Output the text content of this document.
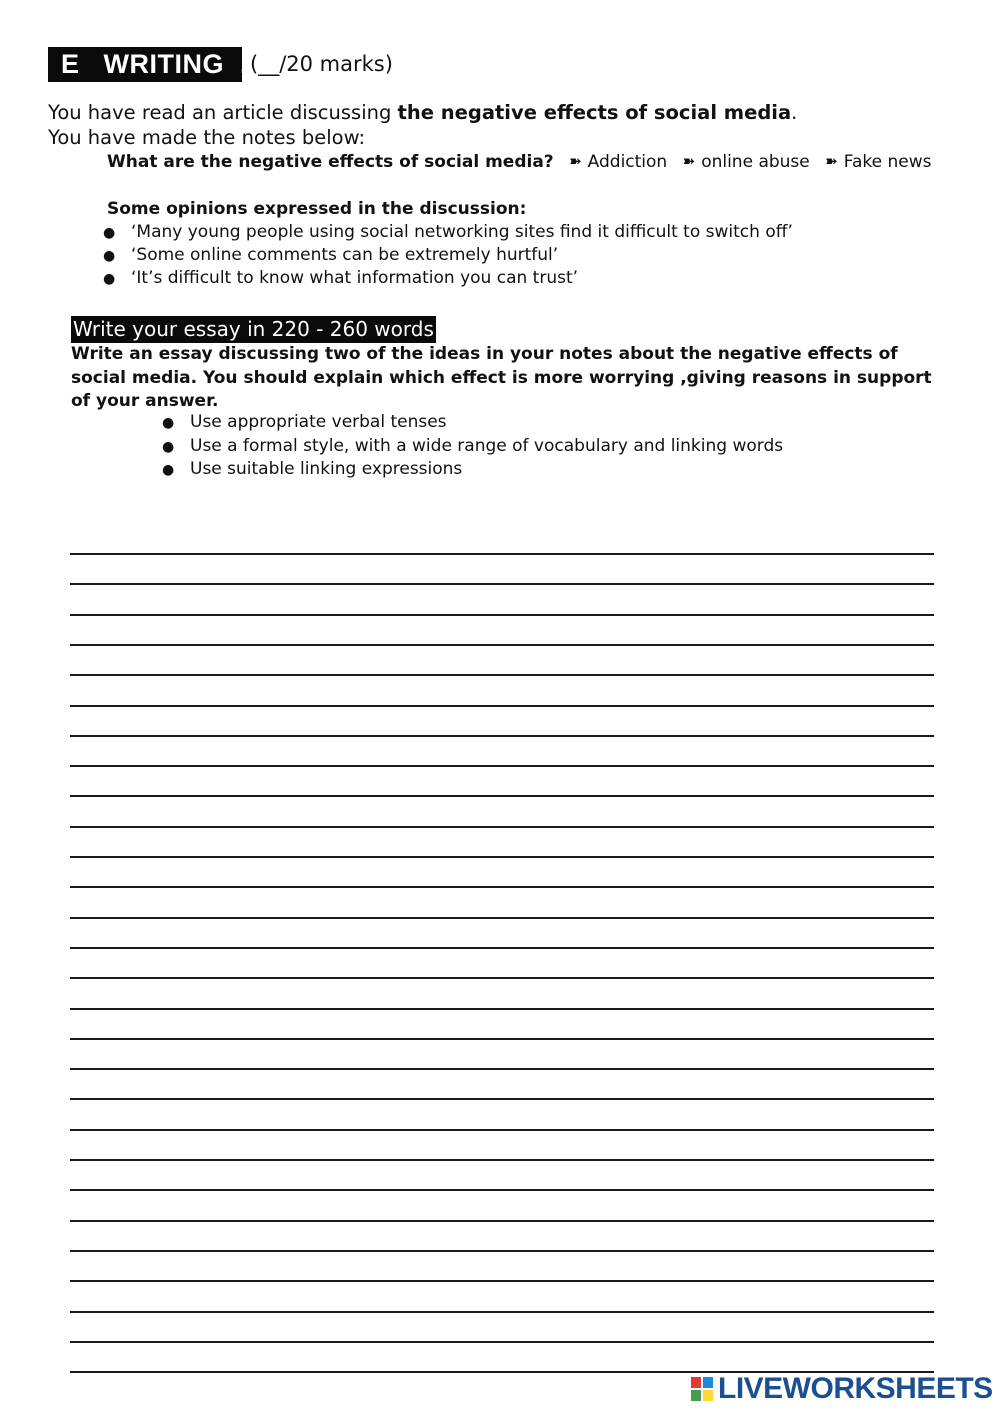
E   WRITING  . (__/20 marks)
You have read an article discussing the negative effects of social media.
You have made the notes below:
What are the negative effects of social media? ➽ Addiction ➽ online abuse ➽ Fake news
Some opinions expressed in the discussion:
● ‘Many young people using social networking sites find it difficult to switch off’
● ‘Some online comments can be extremely hurtful’
● ‘It’s difficult to know what information you can trust’
Write your essay in 220 - 260 words
Write an essay discussing two of the ideas in your notes about the negative effects of social media. You should explain which effect is more worrying ,giving reasons in support of your answer.
● Use appropriate verbal tenses
● Use a formal style, with a wide range of vocabulary and linking words
● Use suitable linking expressions
LIVEWORKSHEETS
